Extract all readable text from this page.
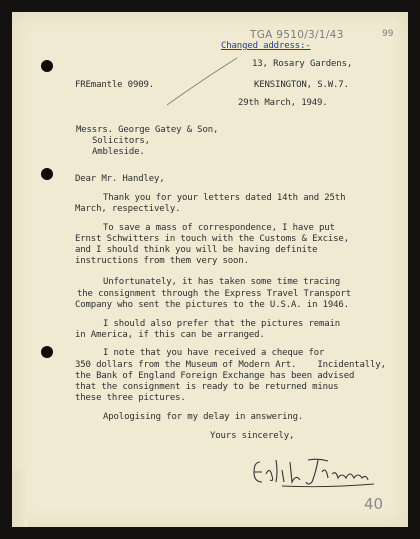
TGA 9510/3/1/43	99
Changed address:-
13, Rosary Gardens,
FREmantle 0909.	KENSINGTON, S.W.7.
29th March, 1949.
Messrs. George Gatey & Son,
Solicitors,
Ambleside.
Dear Mr. Handley,
Thank you for your letters dated 14th and 25th
March, respectively.
To save a mass of correspondence, I have put
Ernst Schwitters in touch with the Customs & Excise,
and I should think you will be having definite
instructions from them very soon.
Unfortunately, it has taken some time tracing
the consignment through the Express Travel Transport
Company who sent the pictures to the U.S.A. in 1946.
I should also prefer that the pictures remain
in America, if this can be arranged.
I note that you have received a cheque for
350 dollars from the Museum of Modern Art.    Incidentally,
the Bank of England Foreign Exchange has been advised
that the consignment is ready to be returned minus
these three pictures.
Apologising for my delay in answering.
Yours sincerely,
40
